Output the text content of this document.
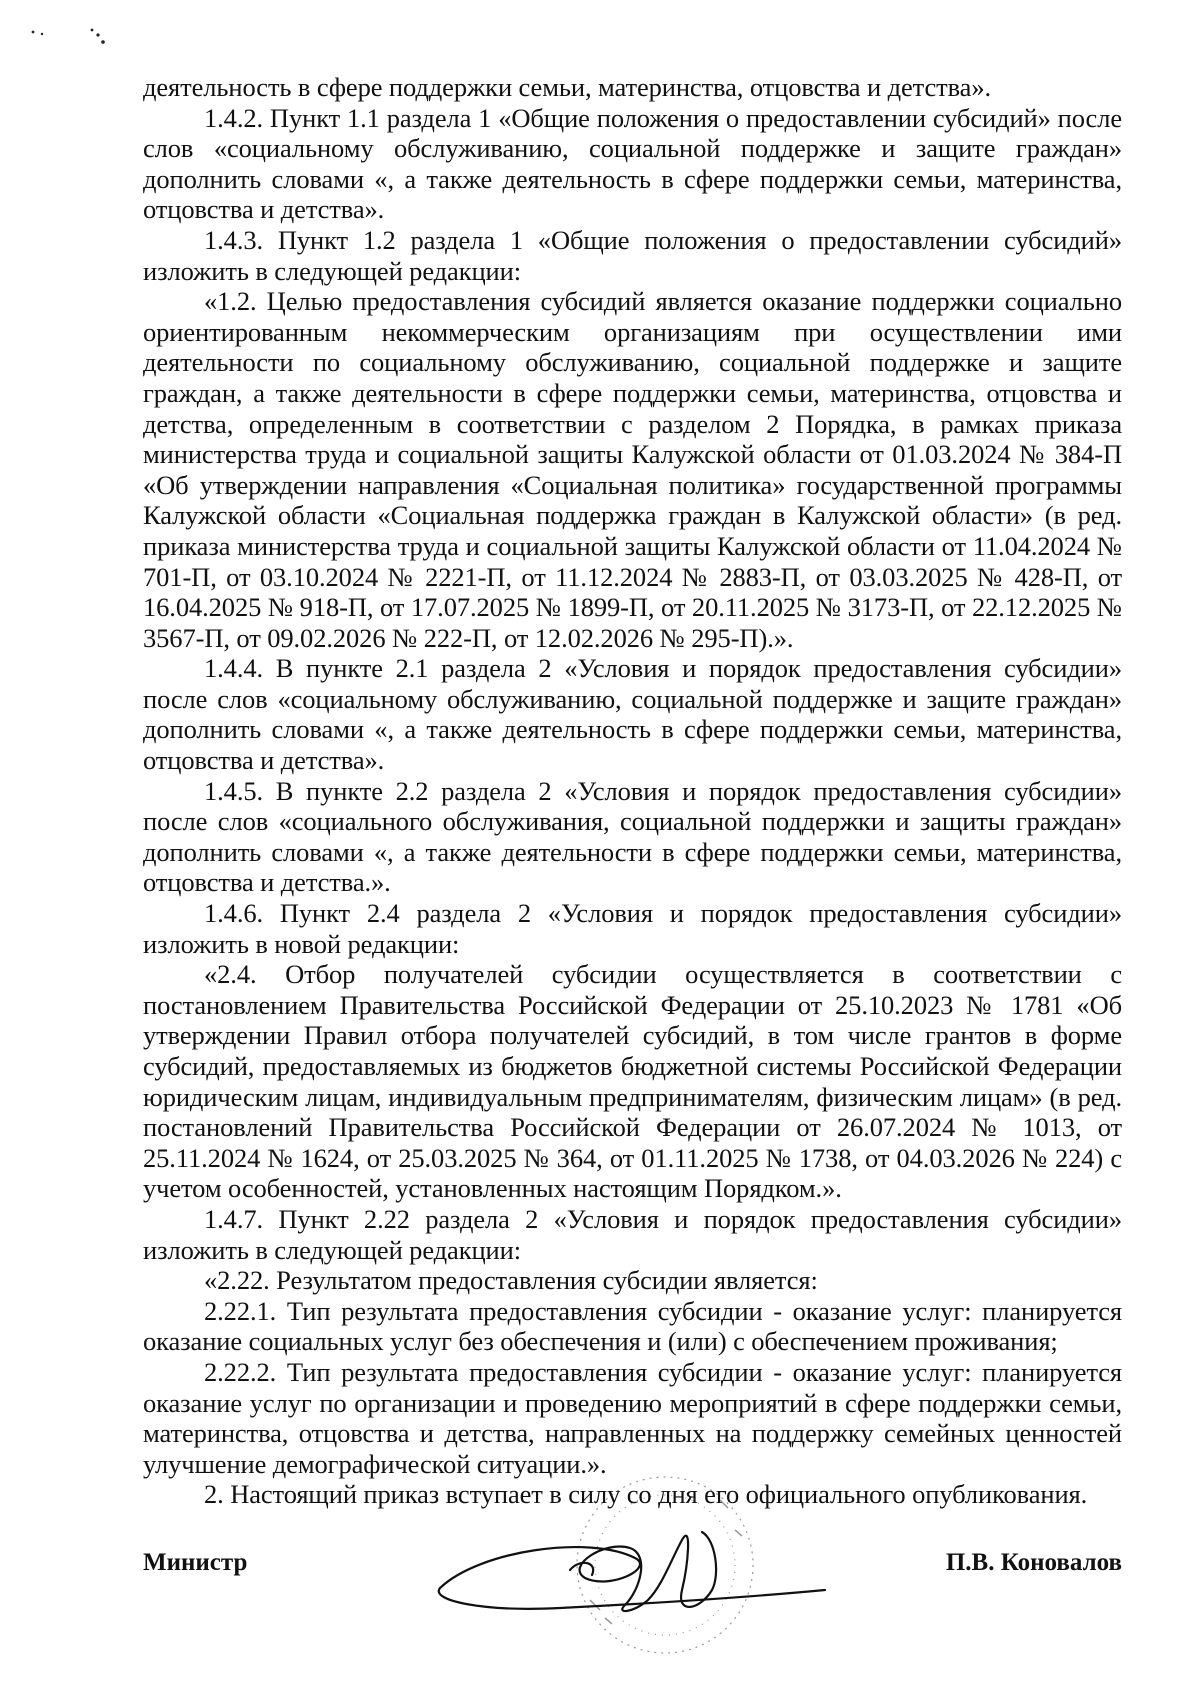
деятельность в сфере поддержки семьи, материнства, отцовства и детства».

1.4.2. Пункт 1.1 раздела 1 «Общие положения о предоставлении субсидий» после слов «социальному обслуживанию, социальной поддержке и защите граждан» дополнить словами «, а также деятельность в сфере поддержки семьи, материнства, отцовства и детства».

1.4.3. Пункт 1.2 раздела 1 «Общие положения о предоставлении субсидий» изложить в следующей редакции:

«1.2. Целью предоставления субсидий является оказание поддержки социально ориентированным некоммерческим организациям при осуществлении ими деятельности по социальному обслуживанию, социальной поддержке и защите граждан, а также деятельности в сфере поддержки семьи, материнства, отцовства и детства, определенным в соответствии с разделом 2 Порядка, в рамках приказа министерства труда и социальной защиты Калужской области от 01.03.2024 № 384-П «Об утверждении направления «Социальная политика» государственной программы Калужской области «Социальная поддержка граждан в Калужской области» (в ред. приказа министерства труда и социальной защиты Калужской области от 11.04.2024 № 701-П, от 03.10.2024 № 2221-П, от 11.12.2024 № 2883-П, от 03.03.2025 № 428-П, от 16.04.2025 № 918-П, от 17.07.2025 № 1899-П, от 20.11.2025 № 3173-П, от 22.12.2025 № 3567-П, от 09.02.2026 № 222-П, от 12.02.2026 № 295-П).».

1.4.4. В пункте 2.1 раздела 2 «Условия и порядок предоставления субсидии» после слов «социальному обслуживанию, социальной поддержке и защите граждан» дополнить словами «, а также деятельность в сфере поддержки семьи, материнства, отцовства и детства».

1.4.5. В пункте 2.2 раздела 2 «Условия и порядок предоставления субсидии» после слов «социального обслуживания, социальной поддержки и защиты граждан» дополнить словами «, а также деятельности в сфере поддержки семьи, материнства, отцовства и детства.».

1.4.6. Пункт 2.4 раздела 2 «Условия и порядок предоставления субсидии» изложить в новой редакции:

«2.4. Отбор получателей субсидии осуществляется в соответствии с постановлением Правительства Российской Федерации от 25.10.2023 № 1781 «Об утверждении Правил отбора получателей субсидий, в том числе грантов в форме субсидий, предоставляемых из бюджетов бюджетной системы Российской Федерации юридическим лицам, индивидуальным предпринимателям, физическим лицам» (в ред. постановлений Правительства Российской Федерации от 26.07.2024 № 1013, от 25.11.2024 № 1624, от 25.03.2025 № 364, от 01.11.2025 № 1738, от 04.03.2026 № 224) с учетом особенностей, установленных настоящим Порядком.».

1.4.7. Пункт 2.22 раздела 2 «Условия и порядок предоставления субсидии» изложить в следующей редакции:

«2.22. Результатом предоставления субсидии является:

2.22.1. Тип результата предоставления субсидии - оказание услуг: планируется оказание социальных услуг без обеспечения и (или) с обеспечением проживания;

2.22.2. Тип результата предоставления субсидии - оказание услуг: планируется оказание услуг по организации и проведению мероприятий в сфере поддержки семьи, материнства, отцовства и детства, направленных на поддержку семейных ценностей улучшение демографической ситуации.».

2. Настоящий приказ вступает в силу со дня его официального опубликования.

Министр	П.В. Коновалов
